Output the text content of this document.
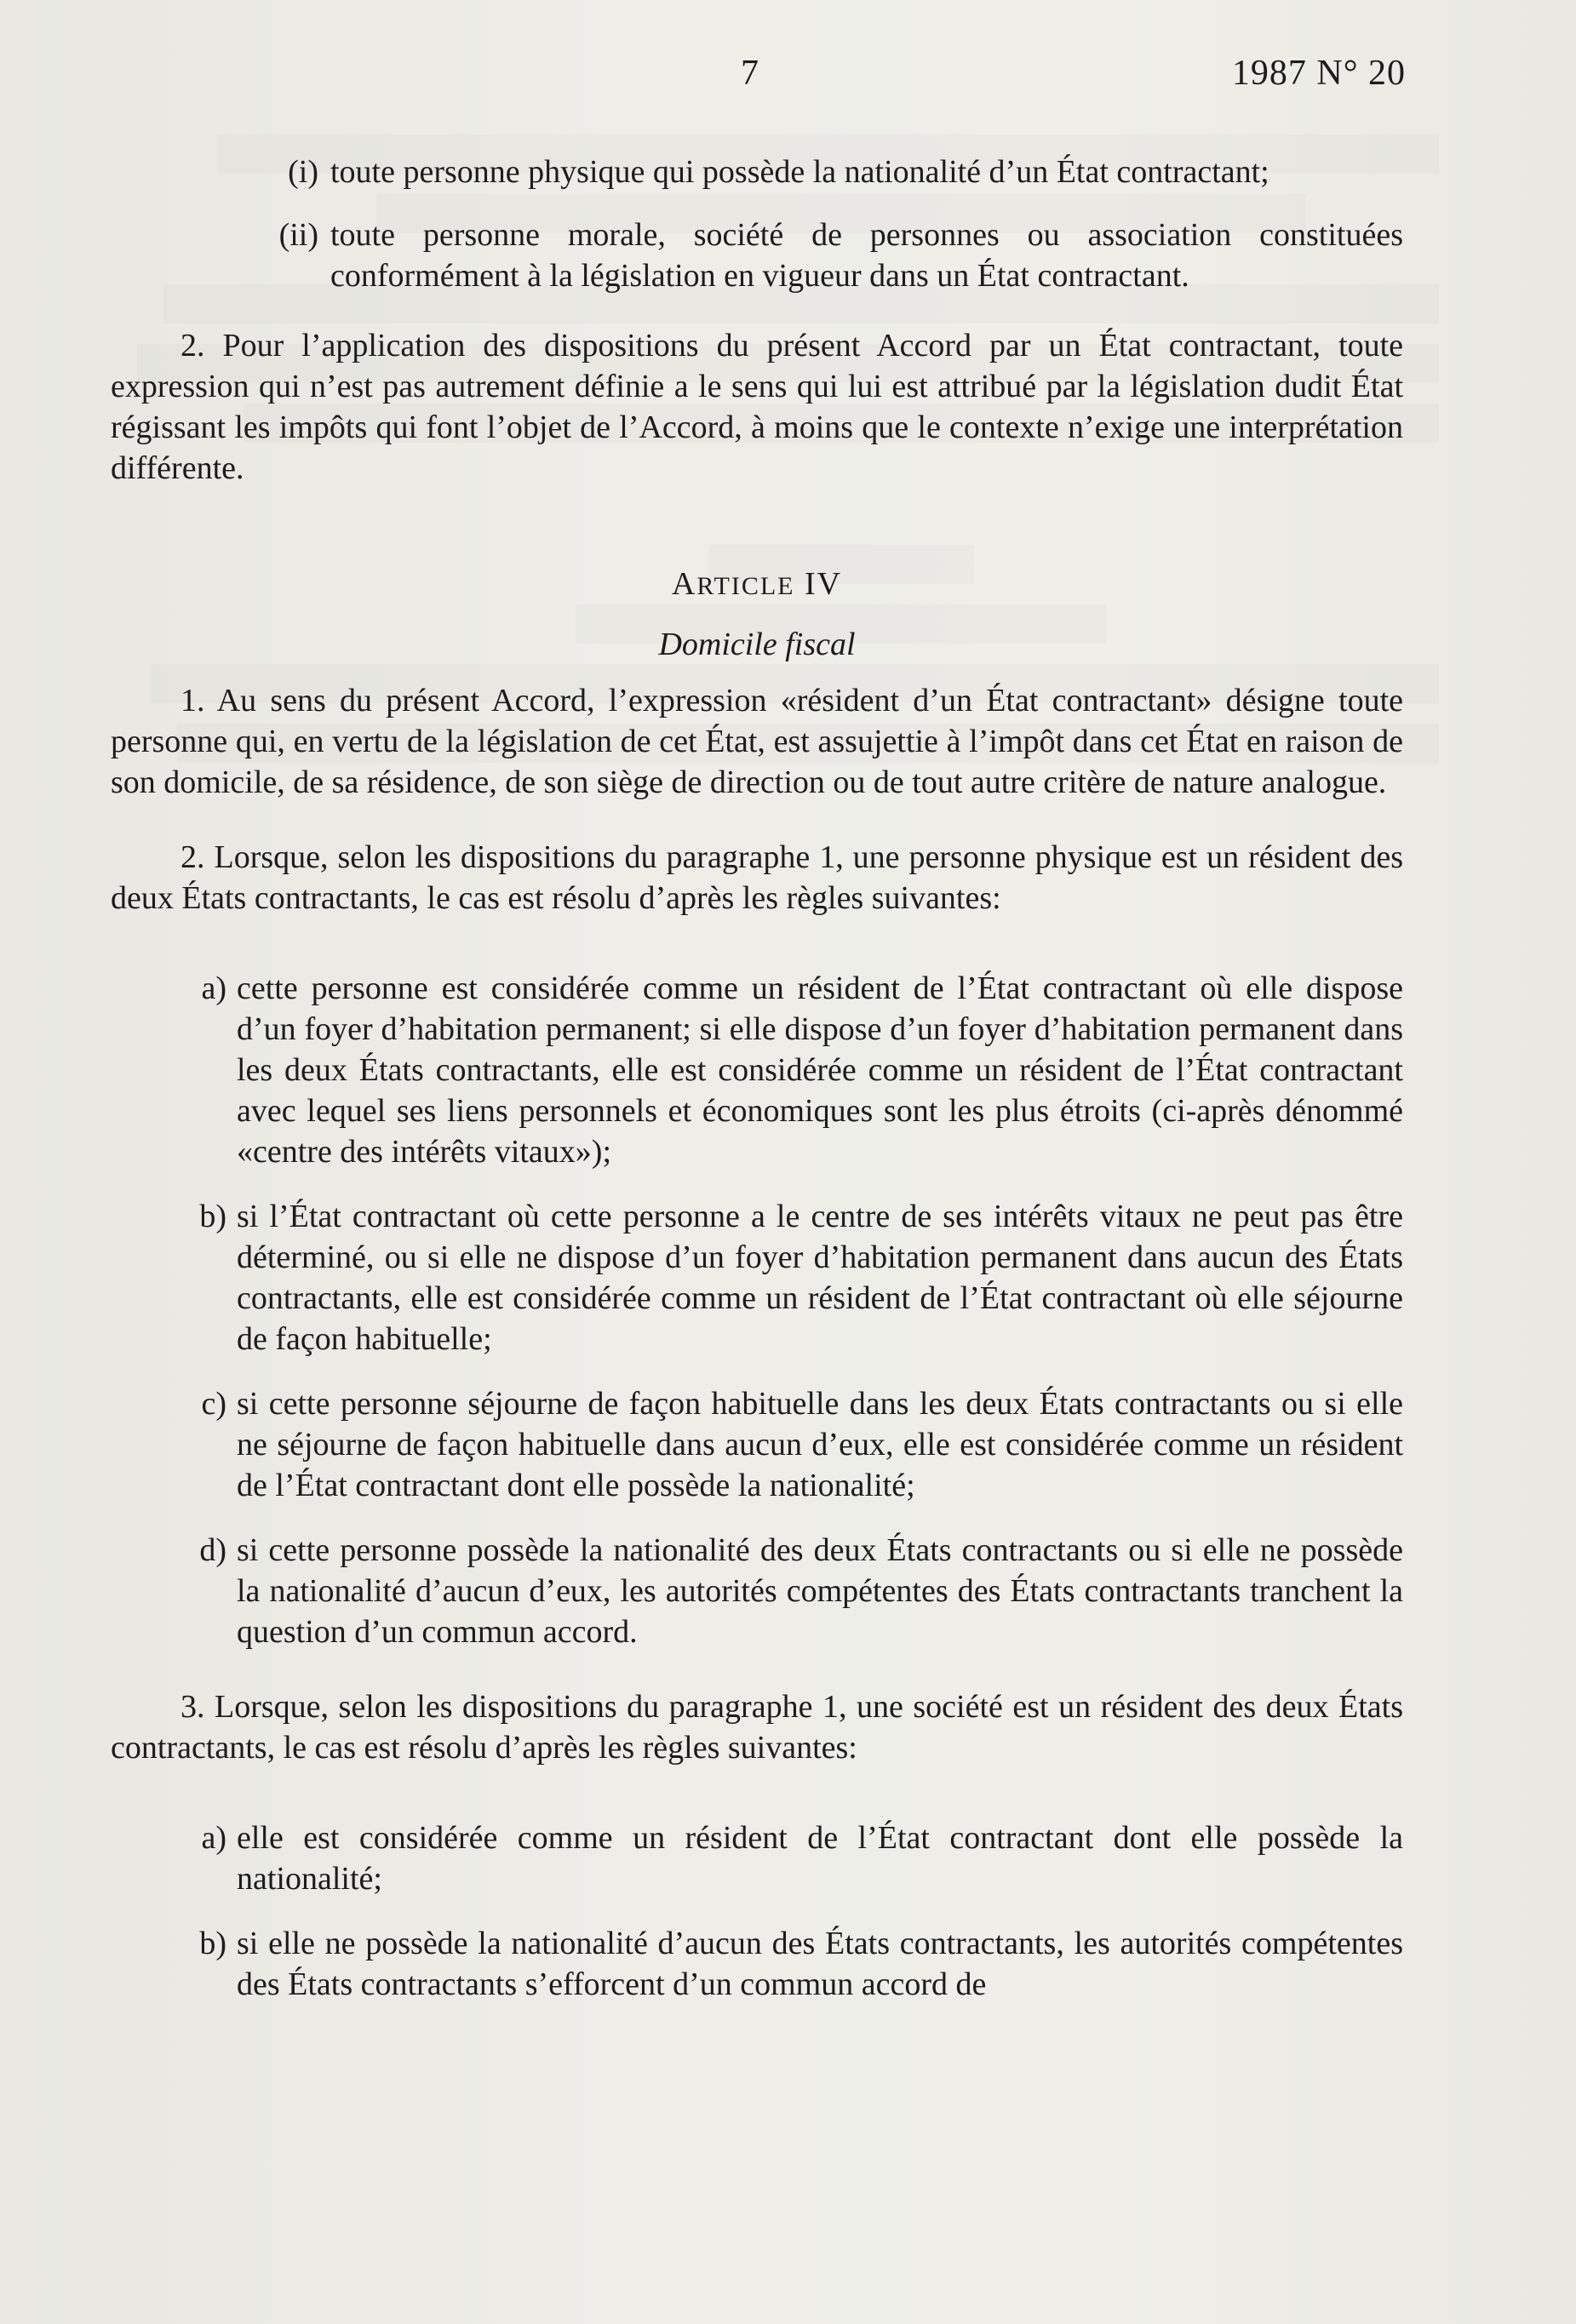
7	1987 N° 20
(i) toute personne physique qui possède la nationalité d’un État contractant;
(ii) toute personne morale, société de personnes ou association constituées conformément à la législation en vigueur dans un État contractant.

2. Pour l’application des dispositions du présent Accord par un État contractant, toute expression qui n’est pas autrement définie a le sens qui lui est attribué par la législation dudit État régissant les impôts qui font l’objet de l’Accord, à moins que le contexte n’exige une interprétation différente.

ARTICLE IV
Domicile fiscal

1. Au sens du présent Accord, l’expression «résident d’un État contractant» désigne toute personne qui, en vertu de la législation de cet État, est assujettie à l’impôt dans cet État en raison de son domicile, de sa résidence, de son siège de direction ou de tout autre critère de nature analogue.

2. Lorsque, selon les dispositions du paragraphe 1, une personne physique est un résident des deux États contractants, le cas est résolu d’après les règles suivantes:

a) cette personne est considérée comme un résident de l’État contractant où elle dispose d’un foyer d’habitation permanent; si elle dispose d’un foyer d’habitation permanent dans les deux États contractants, elle est considérée comme un résident de l’État contractant avec lequel ses liens personnels et économiques sont les plus étroits (ci-après dénommé «centre des intérêts vitaux»);
b) si l’État contractant où cette personne a le centre de ses intérêts vitaux ne peut pas être déterminé, ou si elle ne dispose d’un foyer d’habitation permanent dans aucun des États contractants, elle est considérée comme un résident de l’État contractant où elle séjourne de façon habituelle;
c) si cette personne séjourne de façon habituelle dans les deux États contractants ou si elle ne séjourne de façon habituelle dans aucun d’eux, elle est considérée comme un résident de l’État contractant dont elle possède la nationalité;
d) si cette personne possède la nationalité des deux États contractants ou si elle ne possède la nationalité d’aucun d’eux, les autorités compétentes des États contractants tranchent la question d’un commun accord.

3. Lorsque, selon les dispositions du paragraphe 1, une société est un résident des deux États contractants, le cas est résolu d’après les règles suivantes:

a) elle est considérée comme un résident de l’État contractant dont elle possède la nationalité;
b) si elle ne possède la nationalité d’aucun des États contractants, les autorités compétentes des États contractants s’efforcent d’un commun accord de
